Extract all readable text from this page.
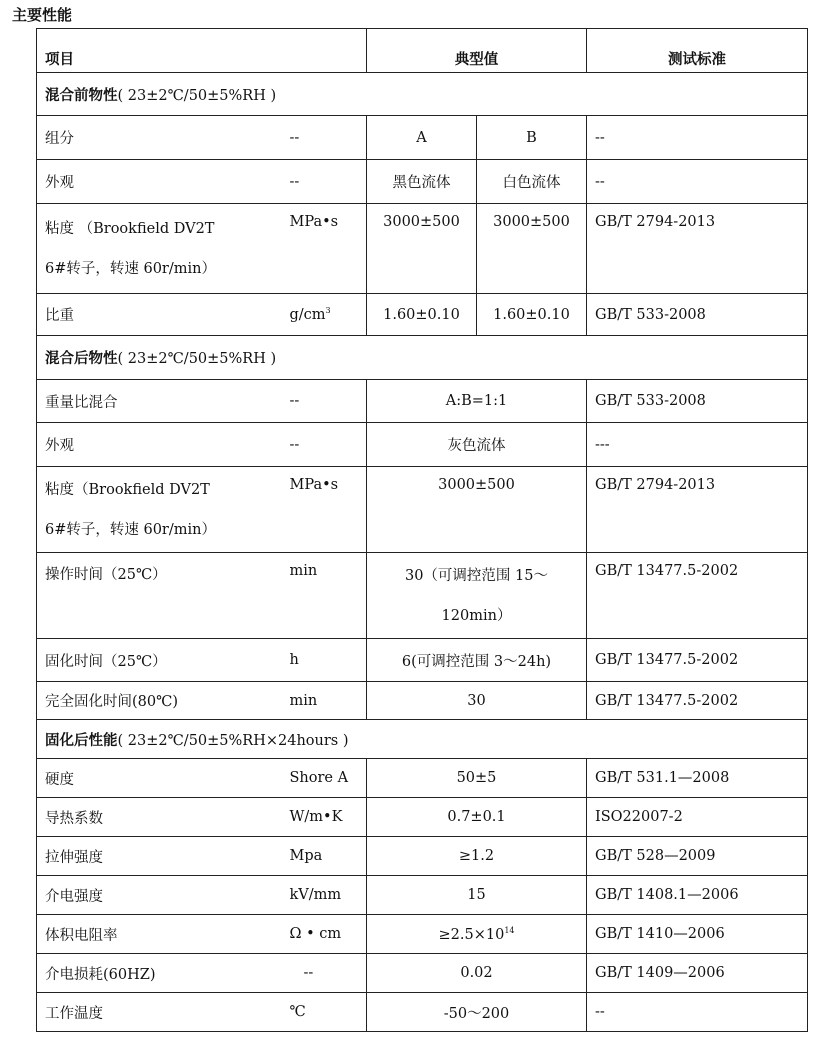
主要性能
项目		典型值		测试标准
混合前物性( 23±2℃/50±5%RH )				
组分	--	A	B	--
外观	--	黑色流体	白色流体	--

粘度 （Brookfield DV2T
6#转子，转速 60r/min）	MPa•s	3000±500	3000±500	GB/T 2794-2013
比重	$g/cm^3$	1.60±0.10	1.60±0.10	GB/T 533-2008
混合后物性( 23±2℃/50±5%RH )				
重量比混合	--	A:B=1:1		GB/T 533-2008
外观	--	灰色流体		---

粘度（Brookfield DV2T
6#转子，转速 60r/min）	MPa•s	3000±500		GB/T 2794-2013
操作时间（25℃）	min	30（可调控范围 15～
120min）		GB/T 13477.5-2002
固化时间（25℃）	h	6(可调控范围 3～24h)		GB/T 13477.5-2002
完全固化时间(80℃)	min	30		GB/T 13477.5-2002
固化后性能( 23±2℃/50±5%RH×24hours )				
硬度	Shore A	50±5		GB/T 531.1—2008
导热系数	W/m•K	0.7±0.1		ISO22007-2
拉伸强度	Mpa	≥1.2		GB/T 528—2009
介电强度	kV/mm	15		GB/T 1408.1—2006
体积电阻率	Ω • cm	$\ge 2.5\times 10^{14}$		GB/T 1410—2006
介电损耗(60HZ)	--	0.02		GB/T 1409—2006
工作温度	℃	-50～200		--
